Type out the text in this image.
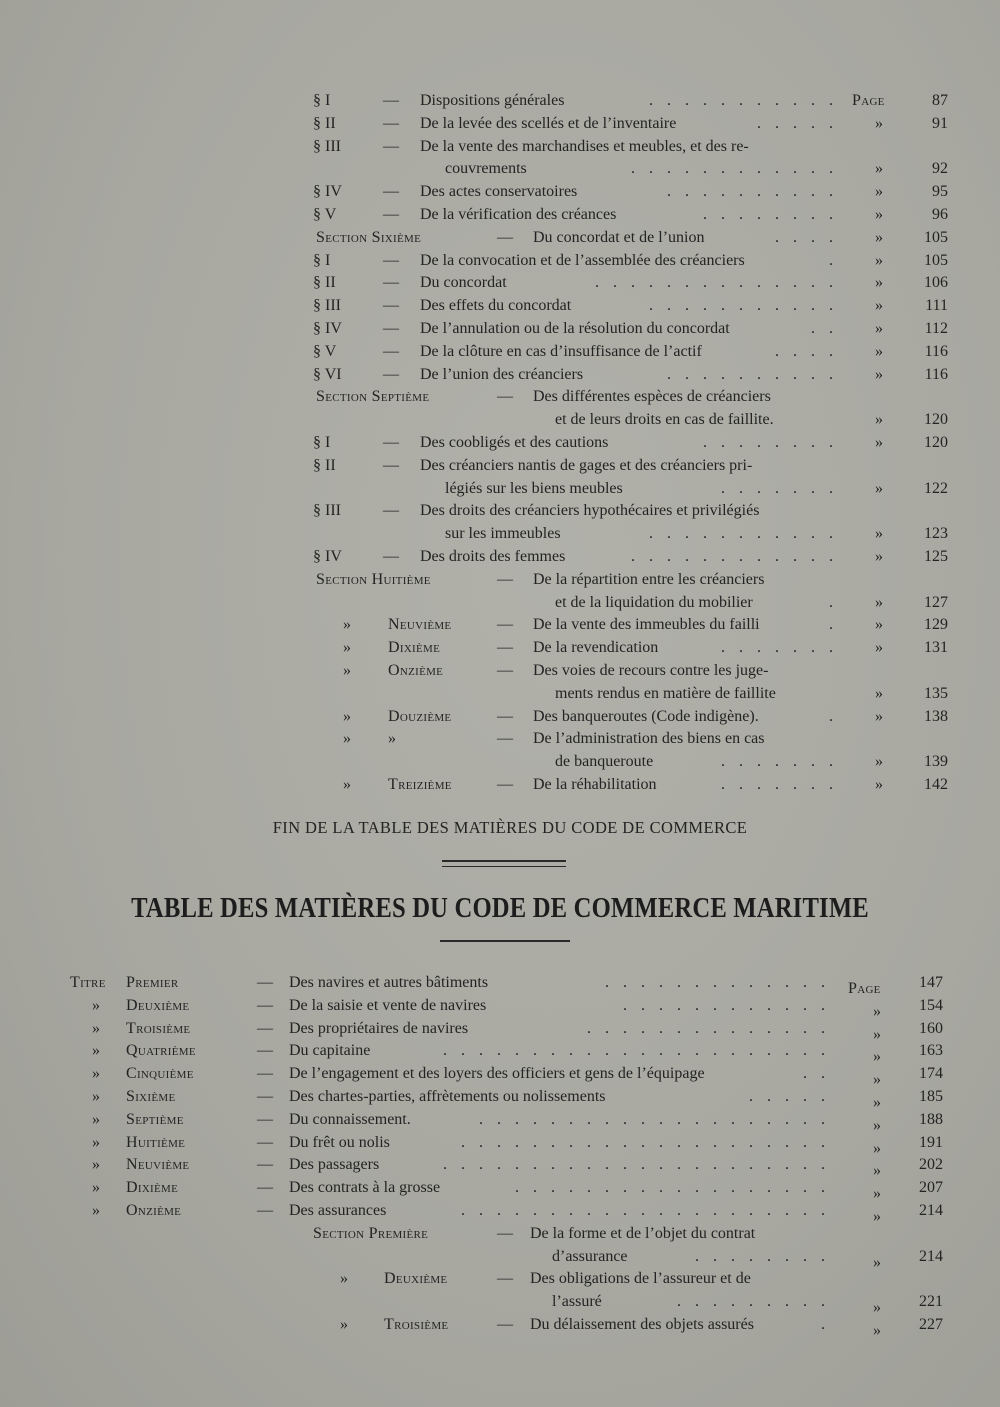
§ I	— Dispositions générales	. . . . . . . . . . . Page	87
§ II	— De la levée des scellés et de l’inventaire	. . . . . »	91
§ III	— De la vente des marchandises et meubles, et des re-
couvrements	. . . . . . . . . . . . »	92
§ IV	— Des actes conservatoires	. . . . . . . . . . »	95
§ V	— De la vérification des créances	. . . . . . . . »	96
Section Sixième	— Du concordat et de l’union	. . . . »	105
§ I	— De la convocation et de l’assemblée des créanciers	. »	105
§ II	— Du concordat	. . . . . . . . . . . . . . »	106
§ III	— Des effets du concordat	. . . . . . . . . . . »	111
§ IV	— De l’annulation ou de la résolution du concordat	. . »	112
§ V	— De la clôture en cas d’insuffisance de l’actif	. . . . »	116
§ VI	— De l’union des créanciers	. . . . . . . . . . »	116
Section Septième	— Des différentes espèces de créanciers
et de leurs droits en cas de faillite.	»	120
§ I	— Des coobligés et des cautions	. . . . . . . . »	120
§ II	— Des créanciers nantis de gages et des créanciers pri-
légiés sur les biens meubles	. . . . . . . »	122
§ III	— Des droits des créanciers hypothécaires et privilégiés
sur les immeubles	. . . . . . . . . . . »	123
§ IV	— Des droits des femmes	. . . . . . . . . . . . »	125
Section Huitième	— De la répartition entre les créanciers
et de la liquidation du mobilier	. »	127
» Neuvième	— De la vente des immeubles du failli	. »	129
» Dixième	— De la revendication	. . . . . . . »	131
» Onzième	— Des voies de recours contre les juge-
ments rendus en matière de faillite	»	135
» Douzième	— Des banqueroutes (Code indigène).	. »	138
» »	— De l’administration des biens en cas
de banqueroute	. . . . . . . »	139
» Treizième	— De la réhabilitation	. . . . . . . »	142
FIN DE LA TABLE DES MATIÈRES DU CODE DE COMMERCE
TABLE DES MATIÈRES DU CODE DE COMMERCE MARITIME
Titre Premier	— Des navires et autres bâtiments	. . . . . . . . . . . . . Page	147
» Deuxième	— De la saisie et vente de navires	. . . . . . . . . . . .	»	154
» Troisième	— Des propriétaires de navires	. . . . . . . . . . . . . .	»	160
» Quatrième	— Du capitaine	. . . . . . . . . . . . . . . . . . . . . .	»	163
» Cinquième	— De l’engagement et des loyers des officiers et gens de l’équipage	. .	»	174
» Sixième	— Des chartes-parties, affrètements ou nolissements	. . . . .	»	185
» Septième	— Du connaissement.	. . . . . . . . . . . . . . . . . . . .	»	188
» Huitième	— Du frêt ou nolis	. . . . . . . . . . . . . . . . . . . . .	»	191
» Neuvième	— Des passagers	. . . . . . . . . . . . . . . . . . . . . .	»	202
» Dixième	— Des contrats à la grosse	. . . . . . . . . . . . . . . . . .	»	207
» Onzième	— Des assurances	. . . . . . . . . . . . . . . . . . . . .	»	214
Section Première	— De la forme et de l’objet du contrat
d’assurance	. . . . . . . .	»	214
» Deuxième	— Des obligations de l’assureur et de
l’assuré	. . . . . . . . .	»	221
» Troisième	— Du délaissement des objets assurés	.	»	227
